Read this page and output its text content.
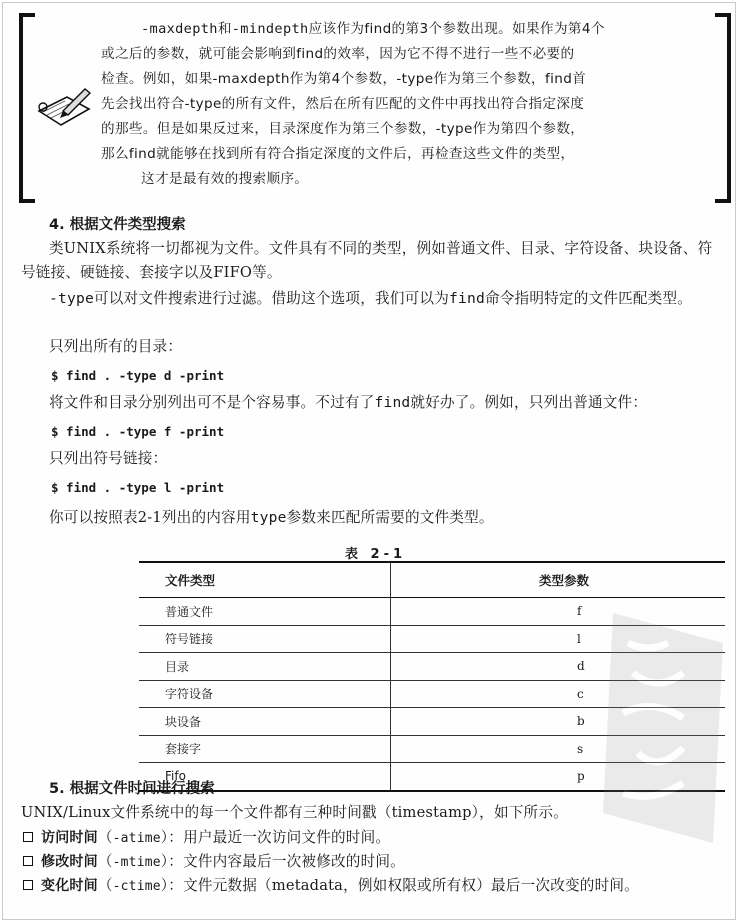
-maxdepth和-mindepth应该作为find的第3个参数出现。如果作为第4个

或之后的参数，就可能会影响到find的效率，因为它不得不进行一些不必要的

检查。例如，如果-maxdepth作为第4个参数，-type作为第三个参数，find首

先会找出符合-type的所有文件，然后在所有匹配的文件中再找出符合指定深度

的那些。但是如果反过来，目录深度作为第三个参数，-type作为第四个参数，

那么find就能够在找到所有符合指定深度的文件后，再检查这些文件的类型，

这才是最有效的搜索顺序。

4. 根据文件类型搜索
类UNIX系统将一切都视为文件。文件具有不同的类型，例如普通文件、目录、字符设备、块设备、符号链接、硬链接、套接字以及FIFO等。
-type可以对文件搜索进行过滤。借助这个选项，我们可以为find命令指明特定的文件匹配类型。
只列出所有的目录：
$ find . -type d -print
将文件和目录分别列出可不是个容易事。不过有了find就好办了。例如，只列出普通文件：
$ find . -type f -print
只列出符号链接：
$ find . -type l -print
你可以按照表2-1列出的内容用type参数来匹配所需要的文件类型。
表 2-1
文件类型	类型参数
普通文件	f
符号链接	l
目录	d
字符设备	c
块设备	b
套接字	s
Fifo	p
5. 根据文件时间进行搜索
UNIX/Linux文件系统中的每一个文件都有三种时间戳（timestamp），如下所示。
访问时间（-atime）：用户最近一次访问文件的时间。
修改时间（-mtime）：文件内容最后一次被修改的时间。
变化时间（-ctime）：文件元数据（metadata，例如权限或所有权）最后一次改变的时间。
